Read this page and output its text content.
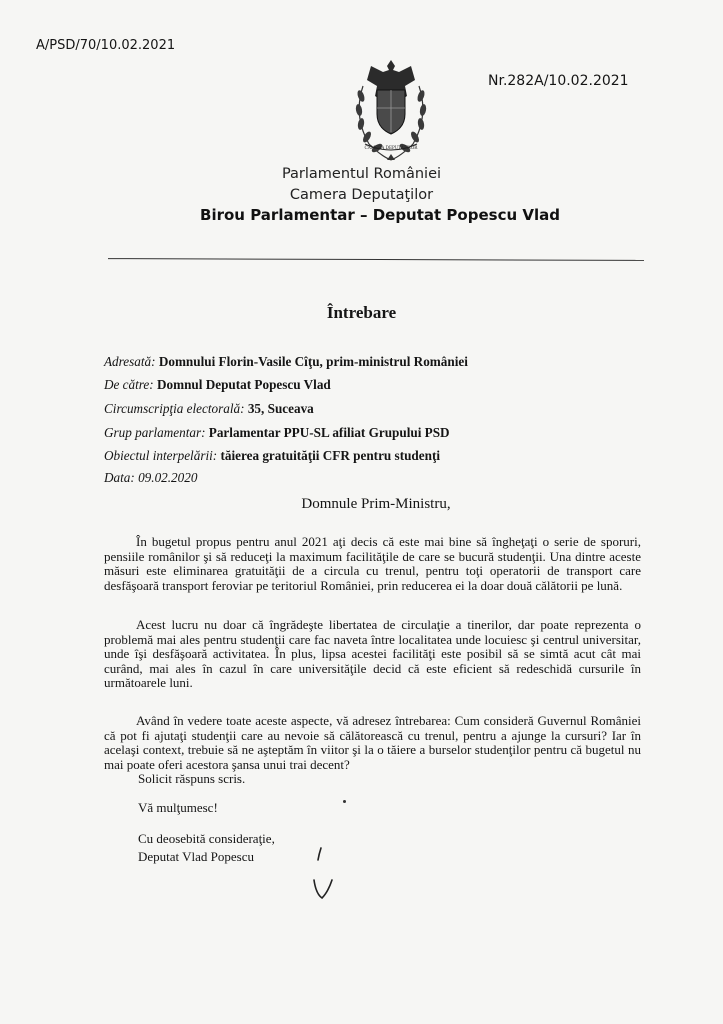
A/PSD/70/10.02.2021
Nr.282A/10.02.2021
CAMERA DEPUTATILOR
Parlamentul României
Camera Deputaţilor
Birou Parlamentar – Deputat Popescu Vlad
Întrebare
Adresată: Domnului Florin-Vasile Cîţu, prim-ministrul României
De către: Domnul Deputat Popescu Vlad
Circumscripţia electorală: 35, Suceava
Grup parlamentar: Parlamentar PPU-SL afiliat Grupului PSD
Obiectul interpelării: tăierea gratuităţii CFR pentru studenţi
Data: 09.02.2020
Domnule Prim-Ministru,

În bugetul propus pentru anul 2021 aţi decis că este mai bine să îngheţaţi o serie de sporuri, pensiile românilor şi să reduceţi la maximum facilităţile de care se bucură studenţii. Una dintre aceste măsuri este eliminarea gratuităţii de a circula cu trenul, pentru toţi operatorii de transport care desfăşoară transport feroviar pe teritoriul României, prin reducerea ei la doar două călătorii pe lună.

Acest lucru nu doar că îngrădeşte libertatea de circulaţie a tinerilor, dar poate reprezenta o problemă mai ales pentru studenţii care fac naveta între localitatea unde locuiesc şi centrul universitar, unde îşi desfăşoară activitatea. În plus, lipsa acestei facilităţi este posibil să se simtă acut cât mai curând, mai ales în cazul în care universităţile decid că este eficient să redeschidă cursurile în următoarele luni.

Având în vedere toate aceste aspecte, vă adresez întrebarea: Cum consideră Guvernul României că pot fi ajutaţi studenţii care au nevoie să călătorească cu trenul, pentru a ajunge la cursuri? Iar în acelaşi context, trebuie să ne aşteptăm în viitor şi la o tăiere a burselor studenţilor pentru că bugetul nu mai poate oferi acestora şansa unui trai decent?

Solicit răspuns scris.
Vă mulţumesc!
Cu deosebită consideraţie,
Deputat Vlad Popescu
